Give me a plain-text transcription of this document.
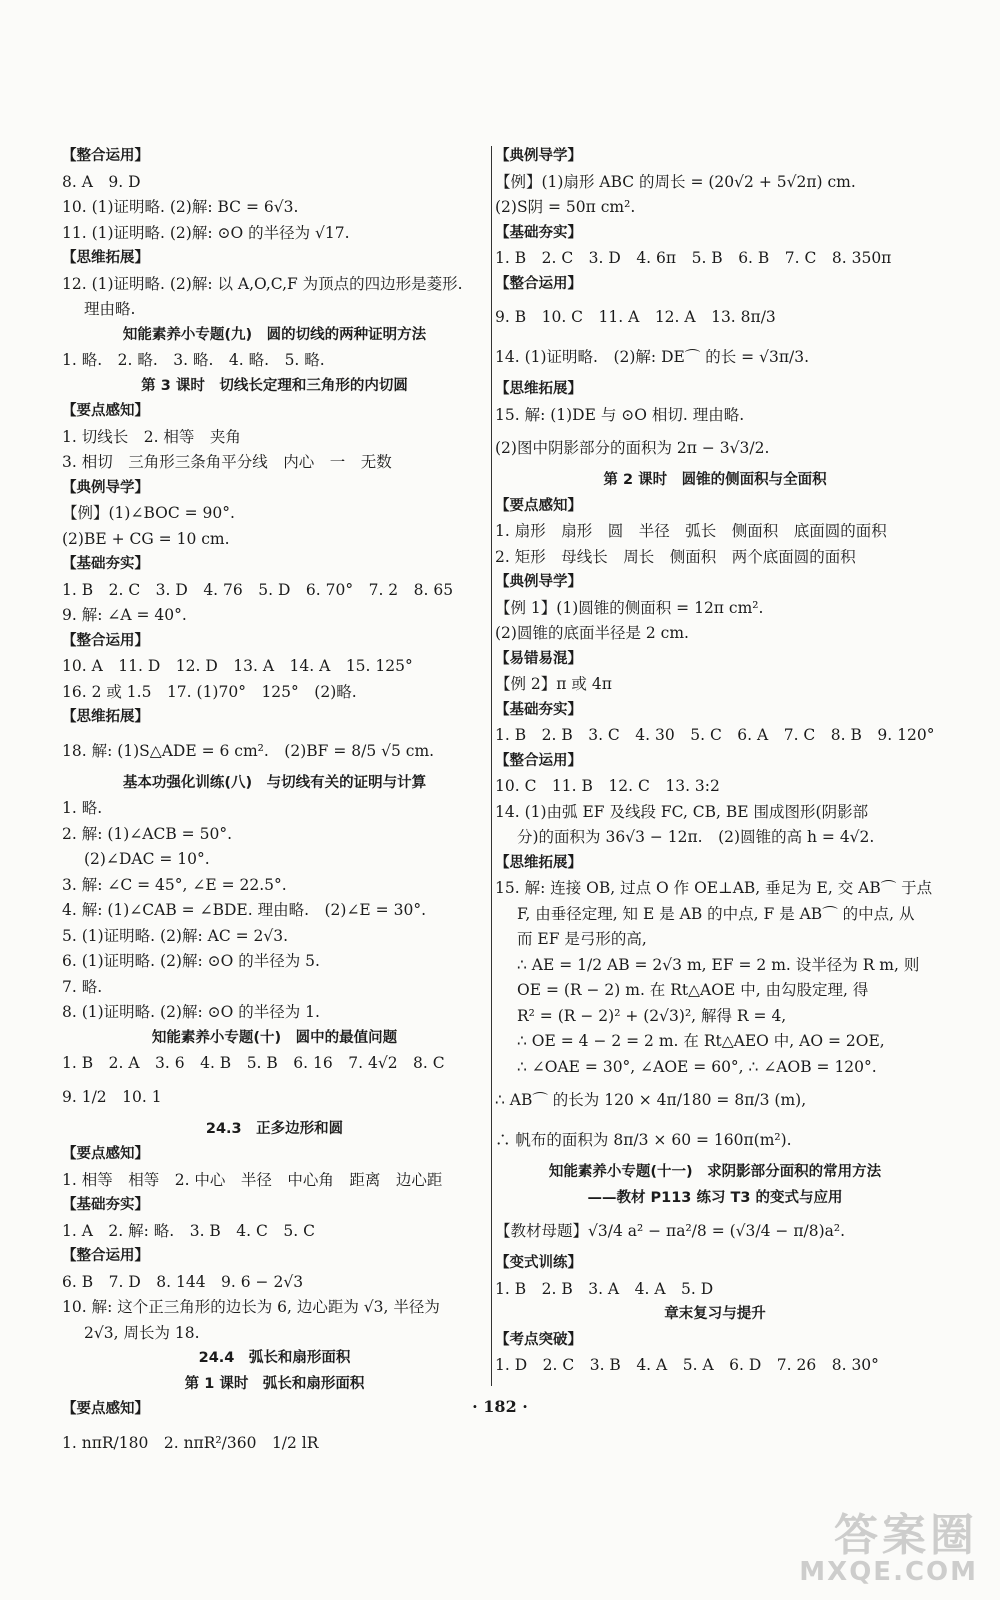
【整合运用】
8. A　9. D
10. (1)证明略. (2)解: BC = 6√3.
11. (1)证明略. (2)解: ⊙O 的半径为 √17.
【思维拓展】
12. (1)证明略. (2)解: 以 A,O,C,F 为顶点的四边形是菱形.
理由略.
知能素养小专题(九)　圆的切线的两种证明方法
1. 略.　2. 略.　3. 略.　4. 略.　5. 略.
第 3 课时　切线长定理和三角形的内切圆
【要点感知】
1. 切线长　2. 相等　夹角
3. 相切　三角形三条角平分线　内心　一　无数
【典例导学】
【例】(1)∠BOC = 90°.
(2)BE + CG = 10 cm.
【基础夯实】
1. B　2. C　3. D　4. 76　5. D　6. 70°　7. 2　8. 65
9. 解: ∠A = 40°.
【整合运用】
10. A　11. D　12. D　13. A　14. A　15. 125°
16. 2 或 1.5　17. (1)70°　125°　(2)略.
【思维拓展】
18. 解: (1)S△ADE = 6 cm².　(2)BF = 8/5 √5 cm.
基本功强化训练(八)　与切线有关的证明与计算
1. 略.
2. 解: (1)∠ACB = 50°.
(2)∠DAC = 10°.
3. 解: ∠C = 45°, ∠E = 22.5°.
4. 解: (1)∠CAB = ∠BDE. 理由略.　(2)∠E = 30°.
5. (1)证明略. (2)解: AC = 2√3.
6. (1)证明略. (2)解: ⊙O 的半径为 5.
7. 略.
8. (1)证明略. (2)解: ⊙O 的半径为 1.
知能素养小专题(十)　圆中的最值问题
1. B　2. A　3. 6　4. B　5. B　6. 16　7. 4√2　8. C
9. 1/2　10. 1
24.3　正多边形和圆
【要点感知】
1. 相等　相等　2. 中心　半径　中心角　距离　边心距
【基础夯实】
1. A　2. 解: 略.　3. B　4. C　5. C
【整合运用】
6. B　7. D　8. 144　9. 6 − 2√3
10. 解: 这个正三角形的边长为 6, 边心距为 √3, 半径为
2√3, 周长为 18.
24.4　弧长和扇形面积
第 1 课时　弧长和扇形面积
【要点感知】
1. nπR/180　2. nπR²/360　1/2 lR
【典例导学】
【例】(1)扇形 ABC 的周长 = (20√2 + 5√2π) cm.
(2)S阴 = 50π cm².
【基础夯实】
1. B　2. C　3. D　4. 6π　5. B　6. B　7. C　8. 350π
【整合运用】
9. B　10. C　11. A　12. A　13. 8π/3
14. (1)证明略.　(2)解: DE⌒ 的长 = √3π/3.
【思维拓展】
15. 解: (1)DE 与 ⊙O 相切. 理由略.
(2)图中阴影部分的面积为 2π − 3√3/2.
第 2 课时　圆锥的侧面积与全面积
【要点感知】
1. 扇形　扇形　圆　半径　弧长　侧面积　底面圆的面积
2. 矩形　母线长　周长　侧面积　两个底面圆的面积
【典例导学】
【例 1】(1)圆锥的侧面积 = 12π cm².
(2)圆锥的底面半径是 2 cm.
【易错易混】
【例 2】π 或 4π
【基础夯实】
1. B　2. B　3. C　4. 30　5. C　6. A　7. C　8. B　9. 120°
【整合运用】
10. C　11. B　12. C　13. 3:2
14. (1)由弧 EF 及线段 FC, CB, BE 围成图形(阴影部
分)的面积为 36√3 − 12π.　(2)圆锥的高 h = 4√2.
【思维拓展】
15. 解: 连接 OB, 过点 O 作 OE⊥AB, 垂足为 E, 交 AB⌒ 于点
F, 由垂径定理, 知 E 是 AB 的中点, F 是 AB⌒ 的中点, 从
而 EF 是弓形的高,
∴ AE = 1/2 AB = 2√3 m, EF = 2 m. 设半径为 R m, 则
OE = (R − 2) m. 在 Rt△AOE 中, 由勾股定理, 得
R² = (R − 2)² + (2√3)², 解得 R = 4,
∴ OE = 4 − 2 = 2 m. 在 Rt△AEO 中, AO = 2OE,
∴ ∠OAE = 30°, ∠AOE = 60°, ∴ ∠AOB = 120°.
∴ AB⌒ 的长为 120 × 4π/180 = 8π/3 (m),
∴ 帆布的面积为 8π/3 × 60 = 160π(m²).
知能素养小专题(十一)　求阴影部分面积的常用方法
——教材 P113 练习 T3 的变式与应用
【教材母题】√3/4 a² − πa²/8 = (√3/4 − π/8)a².
【变式训练】
1. B　2. B　3. A　4. A　5. D
章末复习与提升
【考点突破】
1. D　2. C　3. B　4. A　5. A　6. D　7. 26　8. 30°
· 182 ·
答案圈
MXQE.COM
